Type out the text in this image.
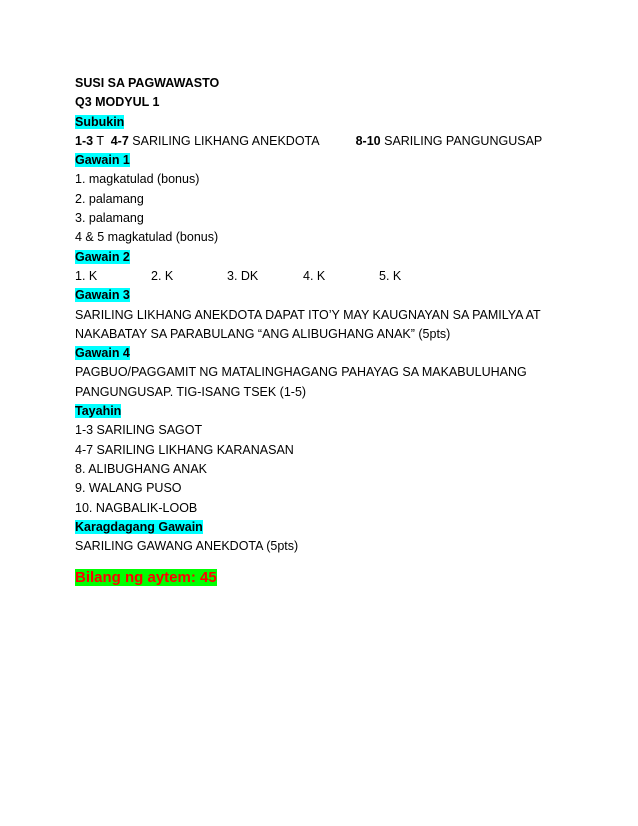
SUSI SA PAGWAWASTO
Q3 MODYUL 1
Subukin
1-3 T 4-7 SARILING LIKHANG ANEKDOTA	8-10 SARILING PANGUNGUSAP
Gawain 1
1. magkatulad (bonus)
2. palamang
3. palamang
4 & 5 magkatulad (bonus)
Gawain 2
1. K	2. K	3. DK	4. K	5. K
Gawain 3
SARILING LIKHANG ANEKDOTA DAPAT ITO’Y MAY KAUGNAYAN SA PAMILYA AT
NAKABATAY SA PARABULANG “ANG ALIBUGHANG ANAK” (5pts)
Gawain 4
PAGBUO/PAGGAMIT NG MATALINGHAGANG PAHAYAG SA MAKABULUHANG
PANGUNGUSAP. TIG-ISANG TSEK (1-5)
Tayahin
1-3 SARILING SAGOT
4-7 SARILING LIKHANG KARANASAN
8. ALIBUGHANG ANAK
9. WALANG PUSO
10. NAGBALIK-LOOB
Karagdagang Gawain
SARILING GAWANG ANEKDOTA (5pts)
Bilang ng aytem: 45
